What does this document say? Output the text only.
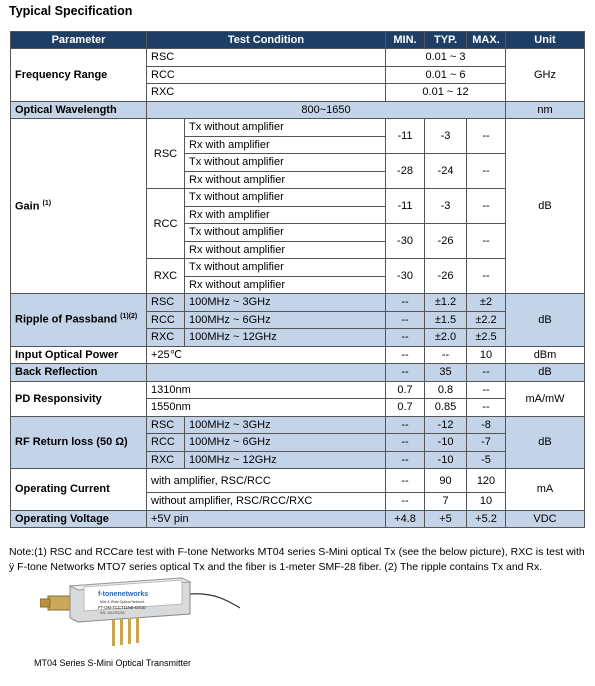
Typical Specification
Parameter	Test Condition		MIN.	TYP.	MAX.	Unit
Frequency Range	RSC		0.01 ~ 3			GHz
	RCC		0.01 ~ 6			
	RXC		0.01 ~ 12			
Optical Wavelength	800~1650					nm
Gain $^{(1)}$	RSC	Tx without amplifier	-11	-3	--	dB
		Rx with amplifier				
		Tx without amplifier	-28	-24	--	
		Rx without amplifier				
	RCC	Tx without amplifier	-11	-3	--	
		Rx with amplifier				
		Tx without amplifier	-30	-26	--	
		Rx without amplifier				
	RXC	Tx without amplifier	-30	-26	--	
		Rx without amplifier				
Ripple of Passband $^{(1)(2)}$	RSC	100MHz ~ 3GHz	--	±1.2	±2	dB
	RCC	100MHz ~ 6GHz	--	±1.5	±2.2	
	RXC	100MHz ~ 12GHz	--	±2.0	±2.5	
Input Optical Power	+25℃		--	--	10	dBm
Back Reflection			--	35	--	dB
PD Responsivity	1310nm		0.7	0.8	--	mA/mW
	1550nm		0.7	0.85	--	
RF Return loss (50 Ω)	RSC	100MHz ~ 3GHz	--	-12	-8	dB
	RCC	100MHz ~ 6GHz	--	-10	-7	
	RXC	100MHz ~ 12GHz	--	-10	-5	
Operating Current	with amplifier, RSC/RCC		--	90	120	mA
	without amplifier, RSC/RCC/RXC		--	7	10	
Operating Voltage	+5V pin		+4.8	+5	+5.2	VDC
Note:(1) RSC and RCCare test with F-tone Networks MT04 series S-Mini optical Tx (see the below picture), RXC is test with ÿ F-tone Networks MTO7 series optical Tx and the fiber is 1-meter SMF-28 fiber. (2) The ripple contains Tx and Rx.
f-tonenetworks
Mini & Wide Optical Network
FT-OM-TCCT11NE-DS10
S/N: 1811001234
MT04 Series S-Mini Optical Transmitter
